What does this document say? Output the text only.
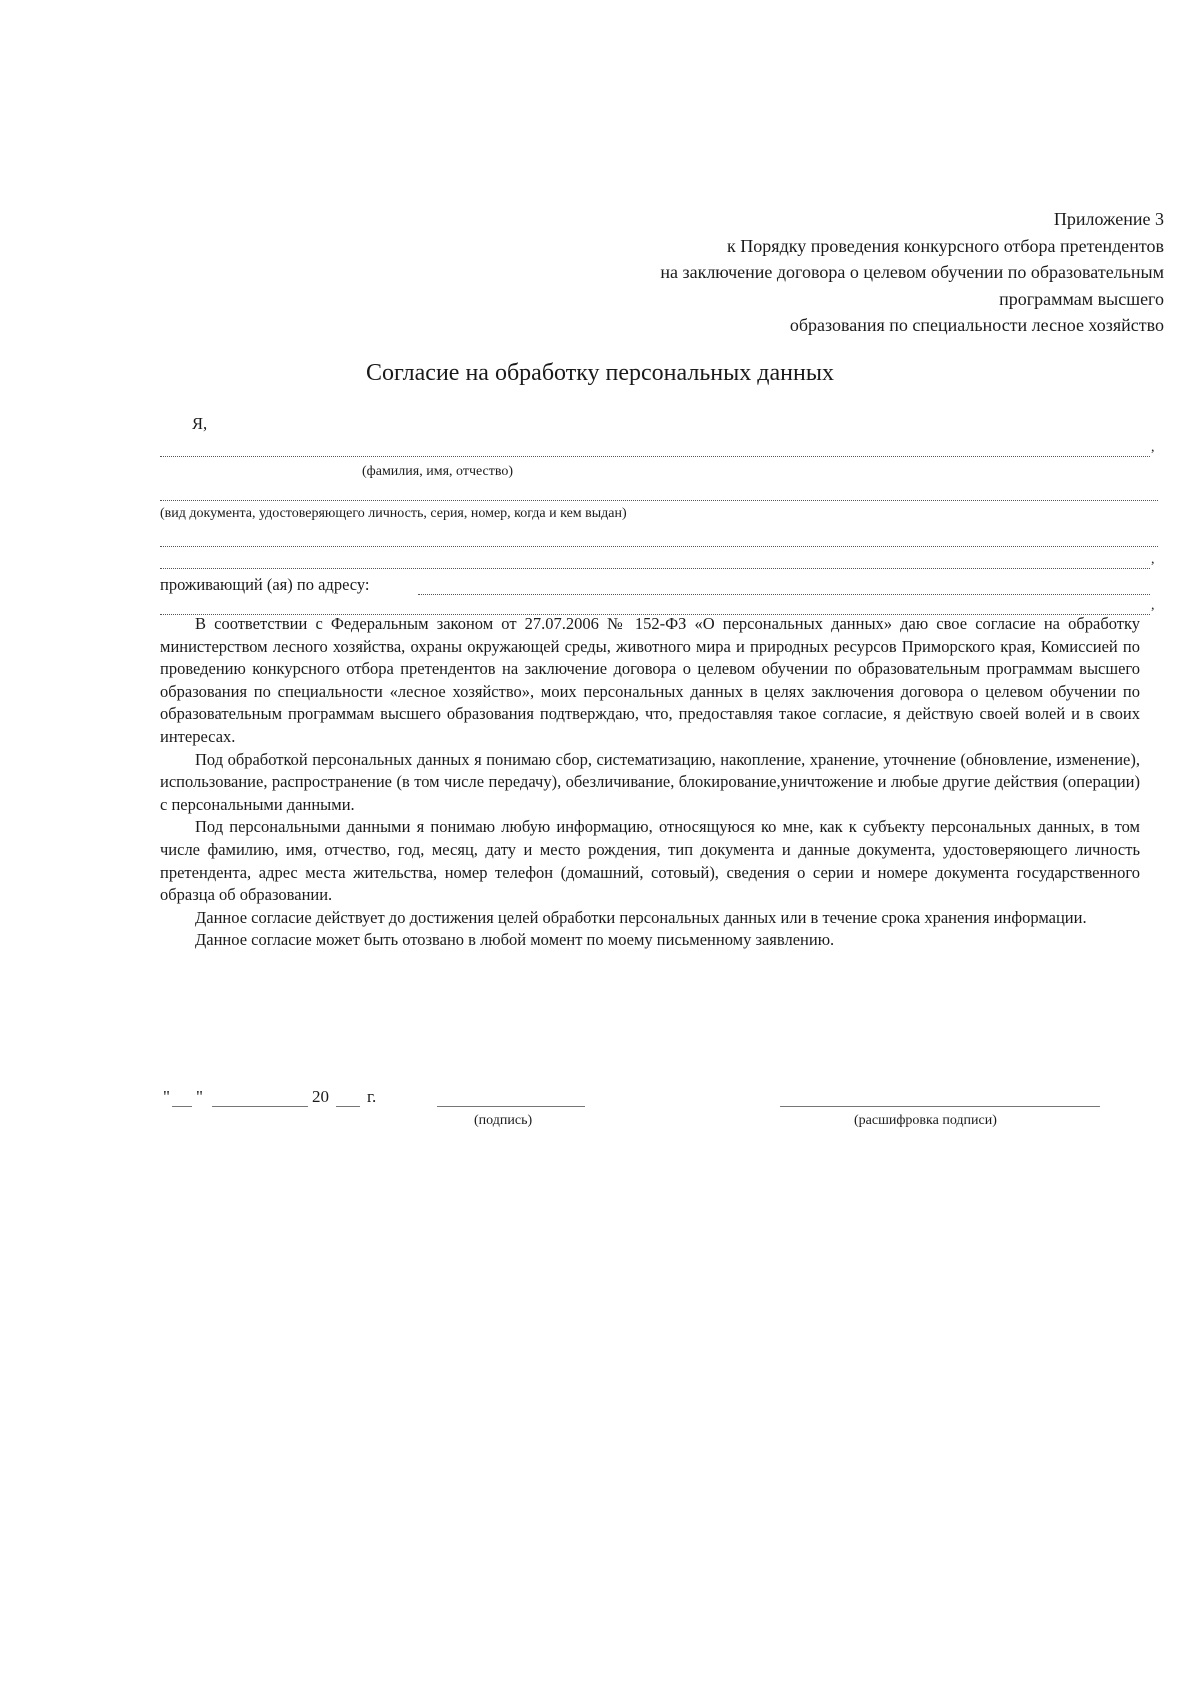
Приложение 3
к Порядку проведения конкурсного отбора претендентов
на заключение договора о целевом обучении по образовательным
программам высшего
образования по специальности лесное хозяйство
Согласие на обработку персональных данных
Я,
,
(фамилия, имя, отчество)
(вид документа, удостоверяющего личность, серия, номер, когда и кем выдан)
,
проживающий (ая) по адресу:
,

В соответствии с Федеральным законом от 27.07.2006 № 152-ФЗ «О персональных данных» даю свое согласие на обработку министерством лесного хозяйства, охраны окружающей среды, животного мира и природных ресурсов Приморского края, Комиссией по проведению конкурсного отбора претендентов на заключение договора о целевом обучении по образовательным программам высшего образования по специальности «лесное хозяйство», моих персональных данных в целях заключения договора о целевом обучении по образовательным программам высшего образования подтверждаю, что, предоставляя такое согласие, я действую своей волей и в своих интересах.

Под обработкой персональных данных я понимаю сбор, систематизацию, накопление, хранение, уточнение (обновление, изменение), использование, распространение (в том числе передачу), обезличивание, блокирование,уничтожение и любые другие действия (операции) с персональными данными.

Под персональными данными я понимаю любую информацию, относящуюся ко мне, как к субъекту персональных данных, в том числе фамилию, имя, отчество, год, месяц, дату и место рождения, тип документа и данные документа, удостоверяющего личность претендента, адрес места жительства, номер телефон (домашний, сотовый), сведения о серии и номере документа государственного образца об образовании.

Данное согласие действует до достижения целей обработки персональных данных или в течение срока хранения информации.

Данное согласие может быть отозвано в любой момент по моему письменному заявлению.

" "	20 г.
(подпись)	(расшифровка подписи)
